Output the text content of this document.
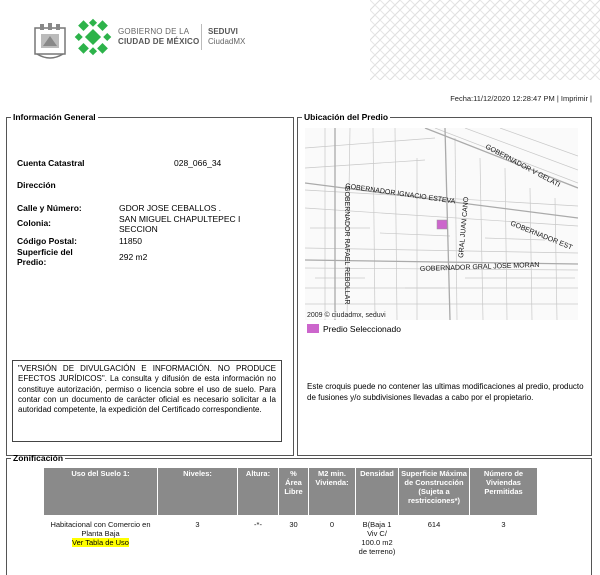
GOBIERNO DE LA
CIUDAD DE MÉXICO
SEDUVI
CiudadMX
Fecha:11/12/2020 12:28:47 PM | Imprimir |
Información General
Cuenta Catastral	028_066_34
Dirección
Calle y Número:	GDOR JOSE CEBALLOS .
Colonia:	SAN MIGUEL CHAPULTEPEC I
SECCION
Código Postal:	11850
Superficie del
Predio:	292 m2
"VERSIÓN DE DIVULGACIÓN E INFORMACIÓN. NO PRODUCE EFECTOS JURÍDICOS". La consulta y difusión de esta información no constituye autorización, permiso o licencia sobre el uso de suelo. Para contar con un documento de carácter oficial es necesario solicitar a la autoridad competente, la expedición del Certificado correspondiente.
Ubicación del Predio
GOBERNADOR V GELATI
GOBERNADOR IGNACIO ESTEVA
GRAL JUAN CANO
GOBERNADOR RAFAEL REBOLLAR	GOBERNADOR GRAL JOSE MORAN
GOBERNADOR EST
2009 © ciudadmx, seduvi
Predio Seleccionado
Este croquis puede no contener las ultimas modificaciones al predio, producto de fusiones y/o subdivisiones llevadas a cabo por el propietario.
Zonificación
Uso del Suelo 1:	Niveles:	Altura:	% Área Libre	M2 min. Vivienda:	Densidad	Superficie Máxima de Construcción (Sujeta a restricciones*)	Número de Viviendas Permitidas

Habitacional con Comercio en Planta Baja
Ver Tabla de Uso	3	-*-	30	0	B(Baja 1 Viv C/ 100.0 m2 de terreno)	614	3
